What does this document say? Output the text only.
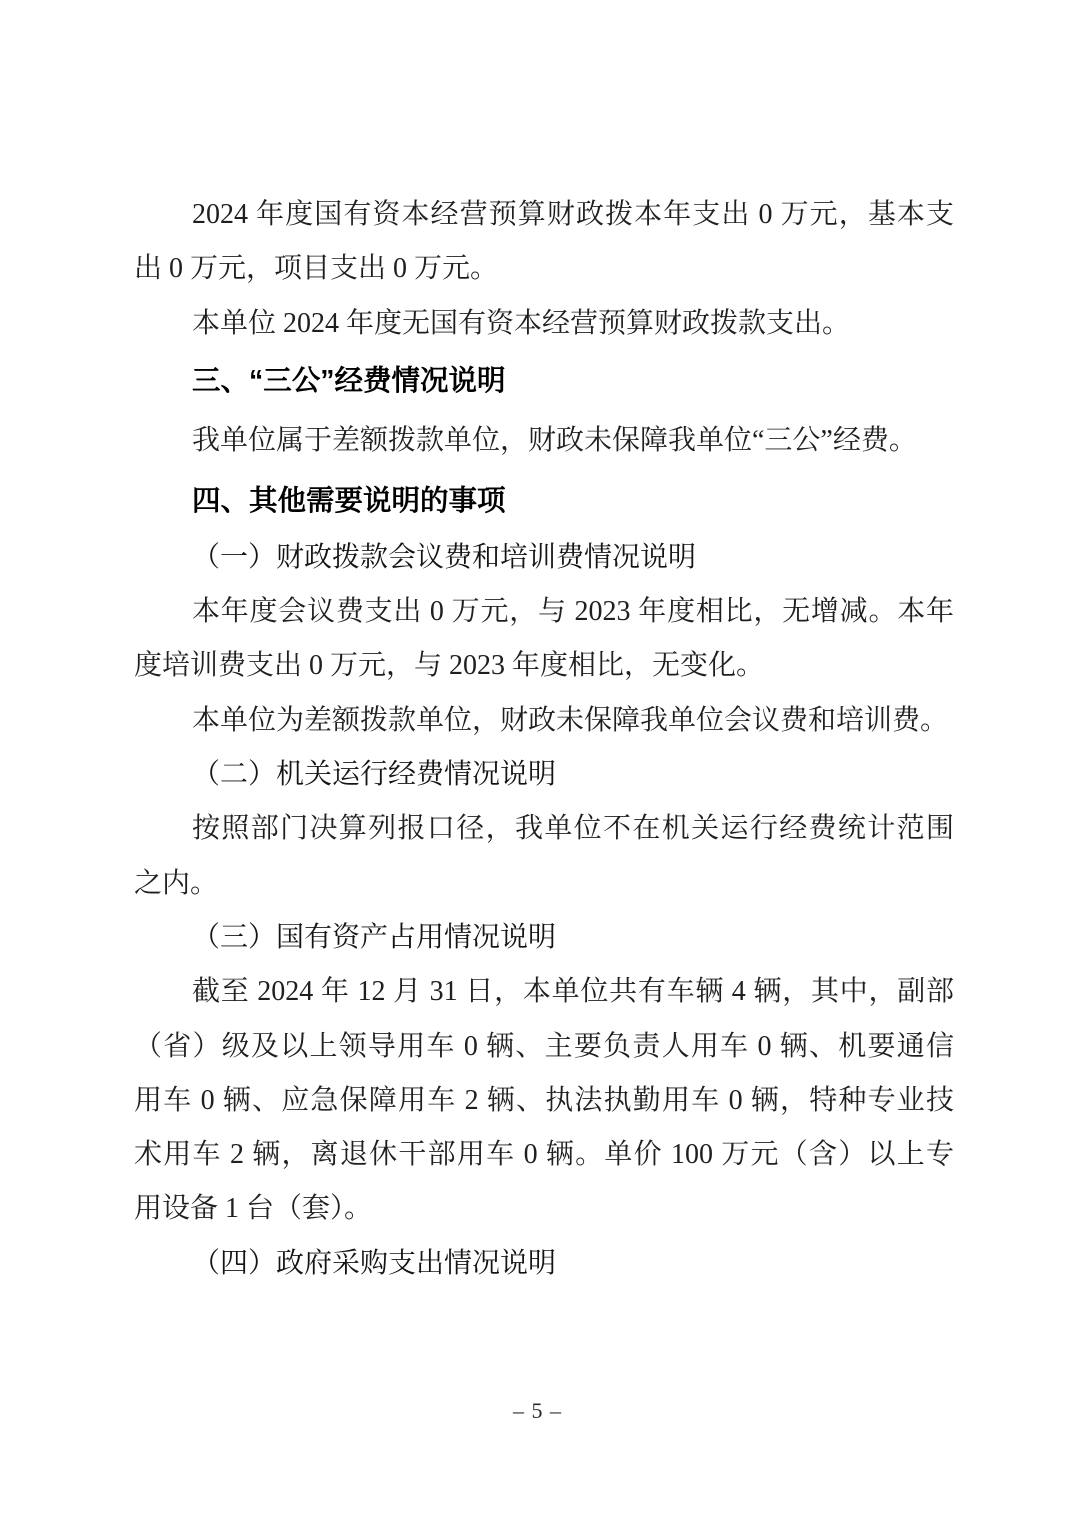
2024 年度国有资本经营预算财政拨本年支出 0 万元，基本支
出 0 万元，项目支出 0 万元。
本单位 2024 年度无国有资本经营预算财政拨款支出。
三、“三公”经费情况说明
我单位属于差额拨款单位，财政未保障我单位“三公”经费。
四、其他需要说明的事项
（一）财政拨款会议费和培训费情况说明
本年度会议费支出 0 万元，与 2023 年度相比，无增减。本年
度培训费支出 0 万元，与 2023 年度相比，无变化。
本单位为差额拨款单位，财政未保障我单位会议费和培训费。
（二）机关运行经费情况说明
按照部门决算列报口径，我单位不在机关运行经费统计范围
之内。
（三）国有资产占用情况说明
截至 2024 年 12 月 31 日，本单位共有车辆 4 辆，其中，副部
（省）级及以上领导用车 0 辆、主要负责人用车 0 辆、机要通信
用车 0 辆、应急保障用车 2 辆、执法执勤用车 0 辆，特种专业技
术用车 2 辆，离退休干部用车 0 辆。单价 100 万元（含）以上专
用设备 1 台（套）。
（四）政府采购支出情况说明
– 5 –
